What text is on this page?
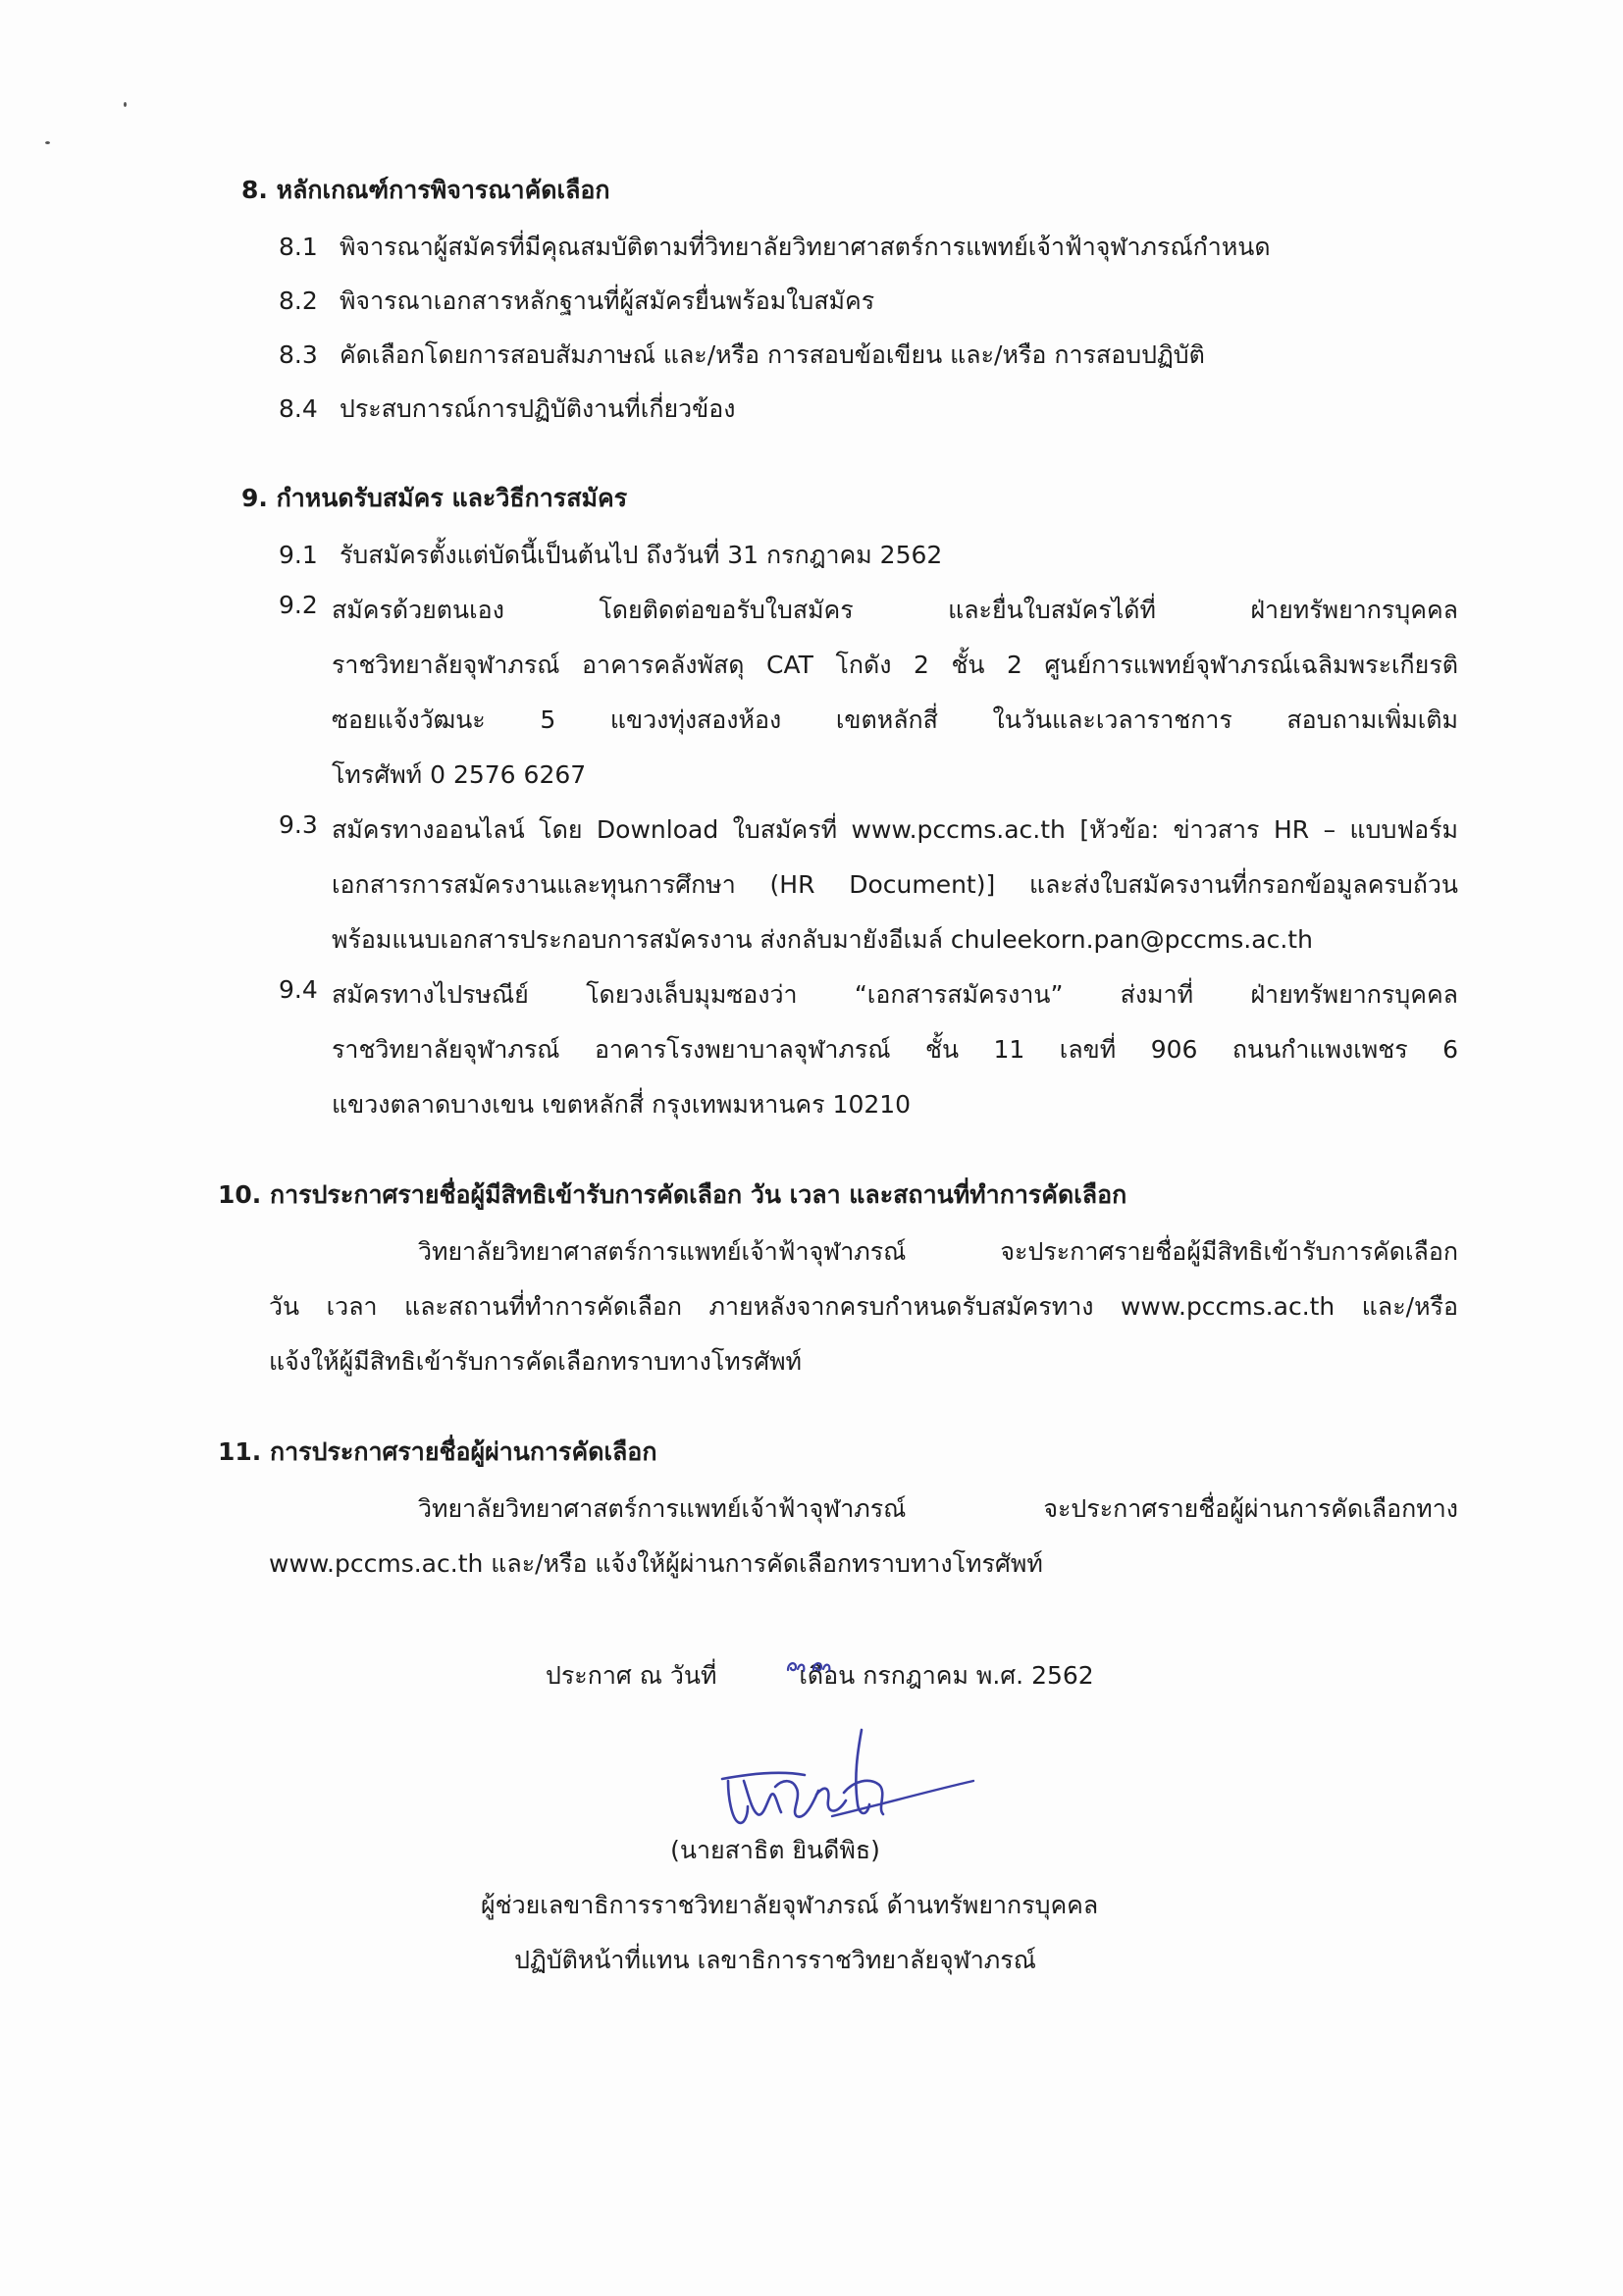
8. หลักเกณฑ์การพิจารณาคัดเลือก
8.1 พิจารณาผู้สมัครที่มีคุณสมบัติตามที่วิทยาลัยวิทยาศาสตร์การแพทย์เจ้าฟ้าจุฬาภรณ์กำหนด
8.2 พิจารณาเอกสารหลักฐานที่ผู้สมัครยื่นพร้อมใบสมัคร
8.3 คัดเลือกโดยการสอบสัมภาษณ์ และ/หรือ การสอบข้อเขียน และ/หรือ การสอบปฏิบัติ
8.4 ประสบการณ์การปฏิบัติงานที่เกี่ยวข้อง
9. กำหนดรับสมัคร และวิธีการสมัคร
9.1 รับสมัครตั้งแต่บัดนี้เป็นต้นไป ถึงวันที่ 31 กรกฎาคม 2562
9.2 สมัครด้วยตนเอง โดยติดต่อขอรับใบสมัคร และยื่นใบสมัครได้ที่ ฝ่ายทรัพยากรบุคคล
ราชวิทยาลัยจุฬาภรณ์ อาคารคลังพัสดุ CAT โกดัง 2 ชั้น 2 ศูนย์การแพทย์จุฬาภรณ์เฉลิมพระเกียรติ
ซอยแจ้งวัฒนะ 5 แขวงทุ่งสองห้อง เขตหลักสี่ ในวันและเวลาราชการ สอบถามเพิ่มเติม
โทรศัพท์ 0 2576 6267
9.3 สมัครทางออนไลน์ โดย Download ใบสมัครที่ www.pccms.ac.th [หัวข้อ: ข่าวสาร HR – แบบฟอร์ม
เอกสารการสมัครงานและทุนการศึกษา (HR Document)] และส่งใบสมัครงานที่กรอกข้อมูลครบถ้วน
พร้อมแนบเอกสารประกอบการสมัครงาน ส่งกลับมายังอีเมล์ chuleekorn.pan@pccms.ac.th
9.4 สมัครทางไปรษณีย์ โดยวงเล็บมุมซองว่า “เอกสารสมัครงาน” ส่งมาที่ ฝ่ายทรัพยากรบุคคล
ราชวิทยาลัยจุฬาภรณ์ อาคารโรงพยาบาลจุฬาภรณ์ ชั้น 11 เลขที่ 906 ถนนกำแพงเพชร 6
แขวงตลาดบางเขน เขตหลักสี่ กรุงเทพมหานคร 10210
10. การประกาศรายชื่อผู้มีสิทธิเข้ารับการคัดเลือก วัน เวลา และสถานที่ทำการคัดเลือก
วิทยาลัยวิทยาศาสตร์การแพทย์เจ้าฟ้าจุฬาภรณ์ จะประกาศรายชื่อผู้มีสิทธิเข้ารับการคัดเลือก
วัน เวลา และสถานที่ทำการคัดเลือก ภายหลังจากครบกำหนดรับสมัครทาง www.pccms.ac.th และ/หรือ
แจ้งให้ผู้มีสิทธิเข้ารับการคัดเลือกทราบทางโทรศัพท์
11. การประกาศรายชื่อผู้ผ่านการคัดเลือก
วิทยาลัยวิทยาศาสตร์การแพทย์เจ้าฟ้าจุฬาภรณ์ จะประกาศรายชื่อผู้ผ่านการคัดเลือกทาง
www.pccms.ac.th และ/หรือ แจ้งให้ผู้ผ่านการคัดเลือกทราบทางโทรศัพท์
ประกาศ ณ วันที่	เดือน กรกฎาคม พ.ศ. 2562
(นายสาธิต ยินดีพิธ)
ผู้ช่วยเลขาธิการราชวิทยาลัยจุฬาภรณ์ ด้านทรัพยากรบุคคล
ปฏิบัติหน้าที่แทน เลขาธิการราชวิทยาลัยจุฬาภรณ์
